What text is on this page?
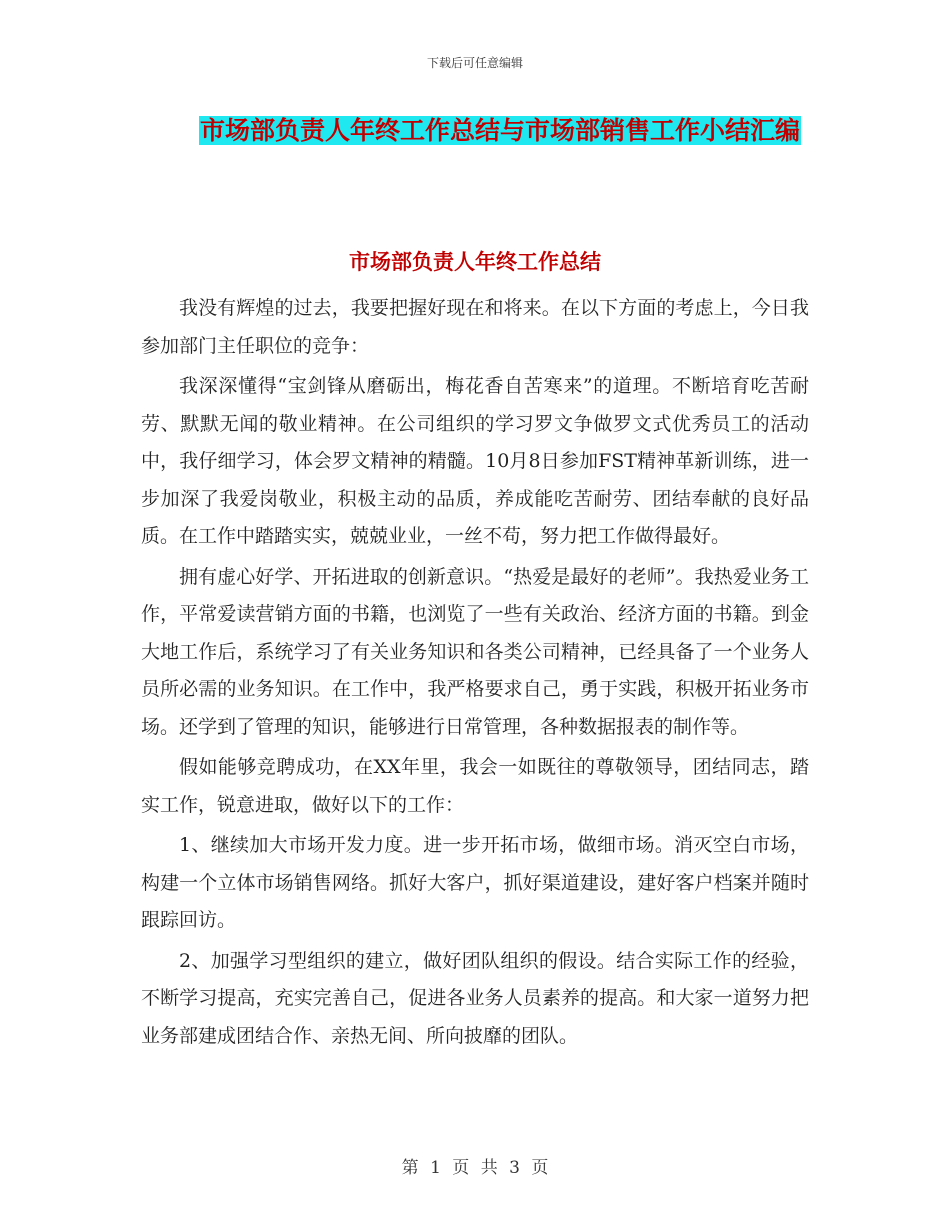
下载后可任意编辑
市场部负责人年终工作总结与市场部销售工作小结汇编
市场部负责人年终工作总结

我没有辉煌的过去，我要把握好现在和将来。在以下方面的考虑上，今日我参加部门主任职位的竞争：

我深深懂得“宝剑锋从磨砺出，梅花香自苦寒来”的道理。不断培育吃苦耐劳、默默无闻的敬业精神。在公司组织的学习罗文争做罗文式优秀员工的活动中，我仔细学习，体会罗文精神的精髓。10月8日参加FST精神革新训练，进一步加深了我爱岗敬业，积极主动的品质，养成能吃苦耐劳、团结奉献的良好品质。在工作中踏踏实实，兢兢业业，一丝不苟，努力把工作做得最好。

拥有虚心好学、开拓进取的创新意识。“热爱是最好的老师”。我热爱业务工作，平常爱读营销方面的书籍，也浏览了一些有关政治、经济方面的书籍。到金大地工作后，系统学习了有关业务知识和各类公司精神，已经具备了一个业务人员所必需的业务知识。在工作中，我严格要求自己，勇于实践，积极开拓业务市场。还学到了管理的知识，能够进行日常管理，各种数据报表的制作等。

假如能够竞聘成功，在XX年里，我会一如既往的尊敬领导，团结同志，踏实工作，锐意进取，做好以下的工作：

1、继续加大市场开发力度。进一步开拓市场，做细市场。消灭空白市场，构建一个立体市场销售网络。抓好大客户，抓好渠道建设，建好客户档案并随时跟踪回访。

2、加强学习型组织的建立，做好团队组织的假设。结合实际工作的经验，不断学习提高，充实完善自己，促进各业务人员素养的提高。和大家一道努力把业务部建成团结合作、亲热无间、所向披靡的团队。

第 1 页 共 3 页
